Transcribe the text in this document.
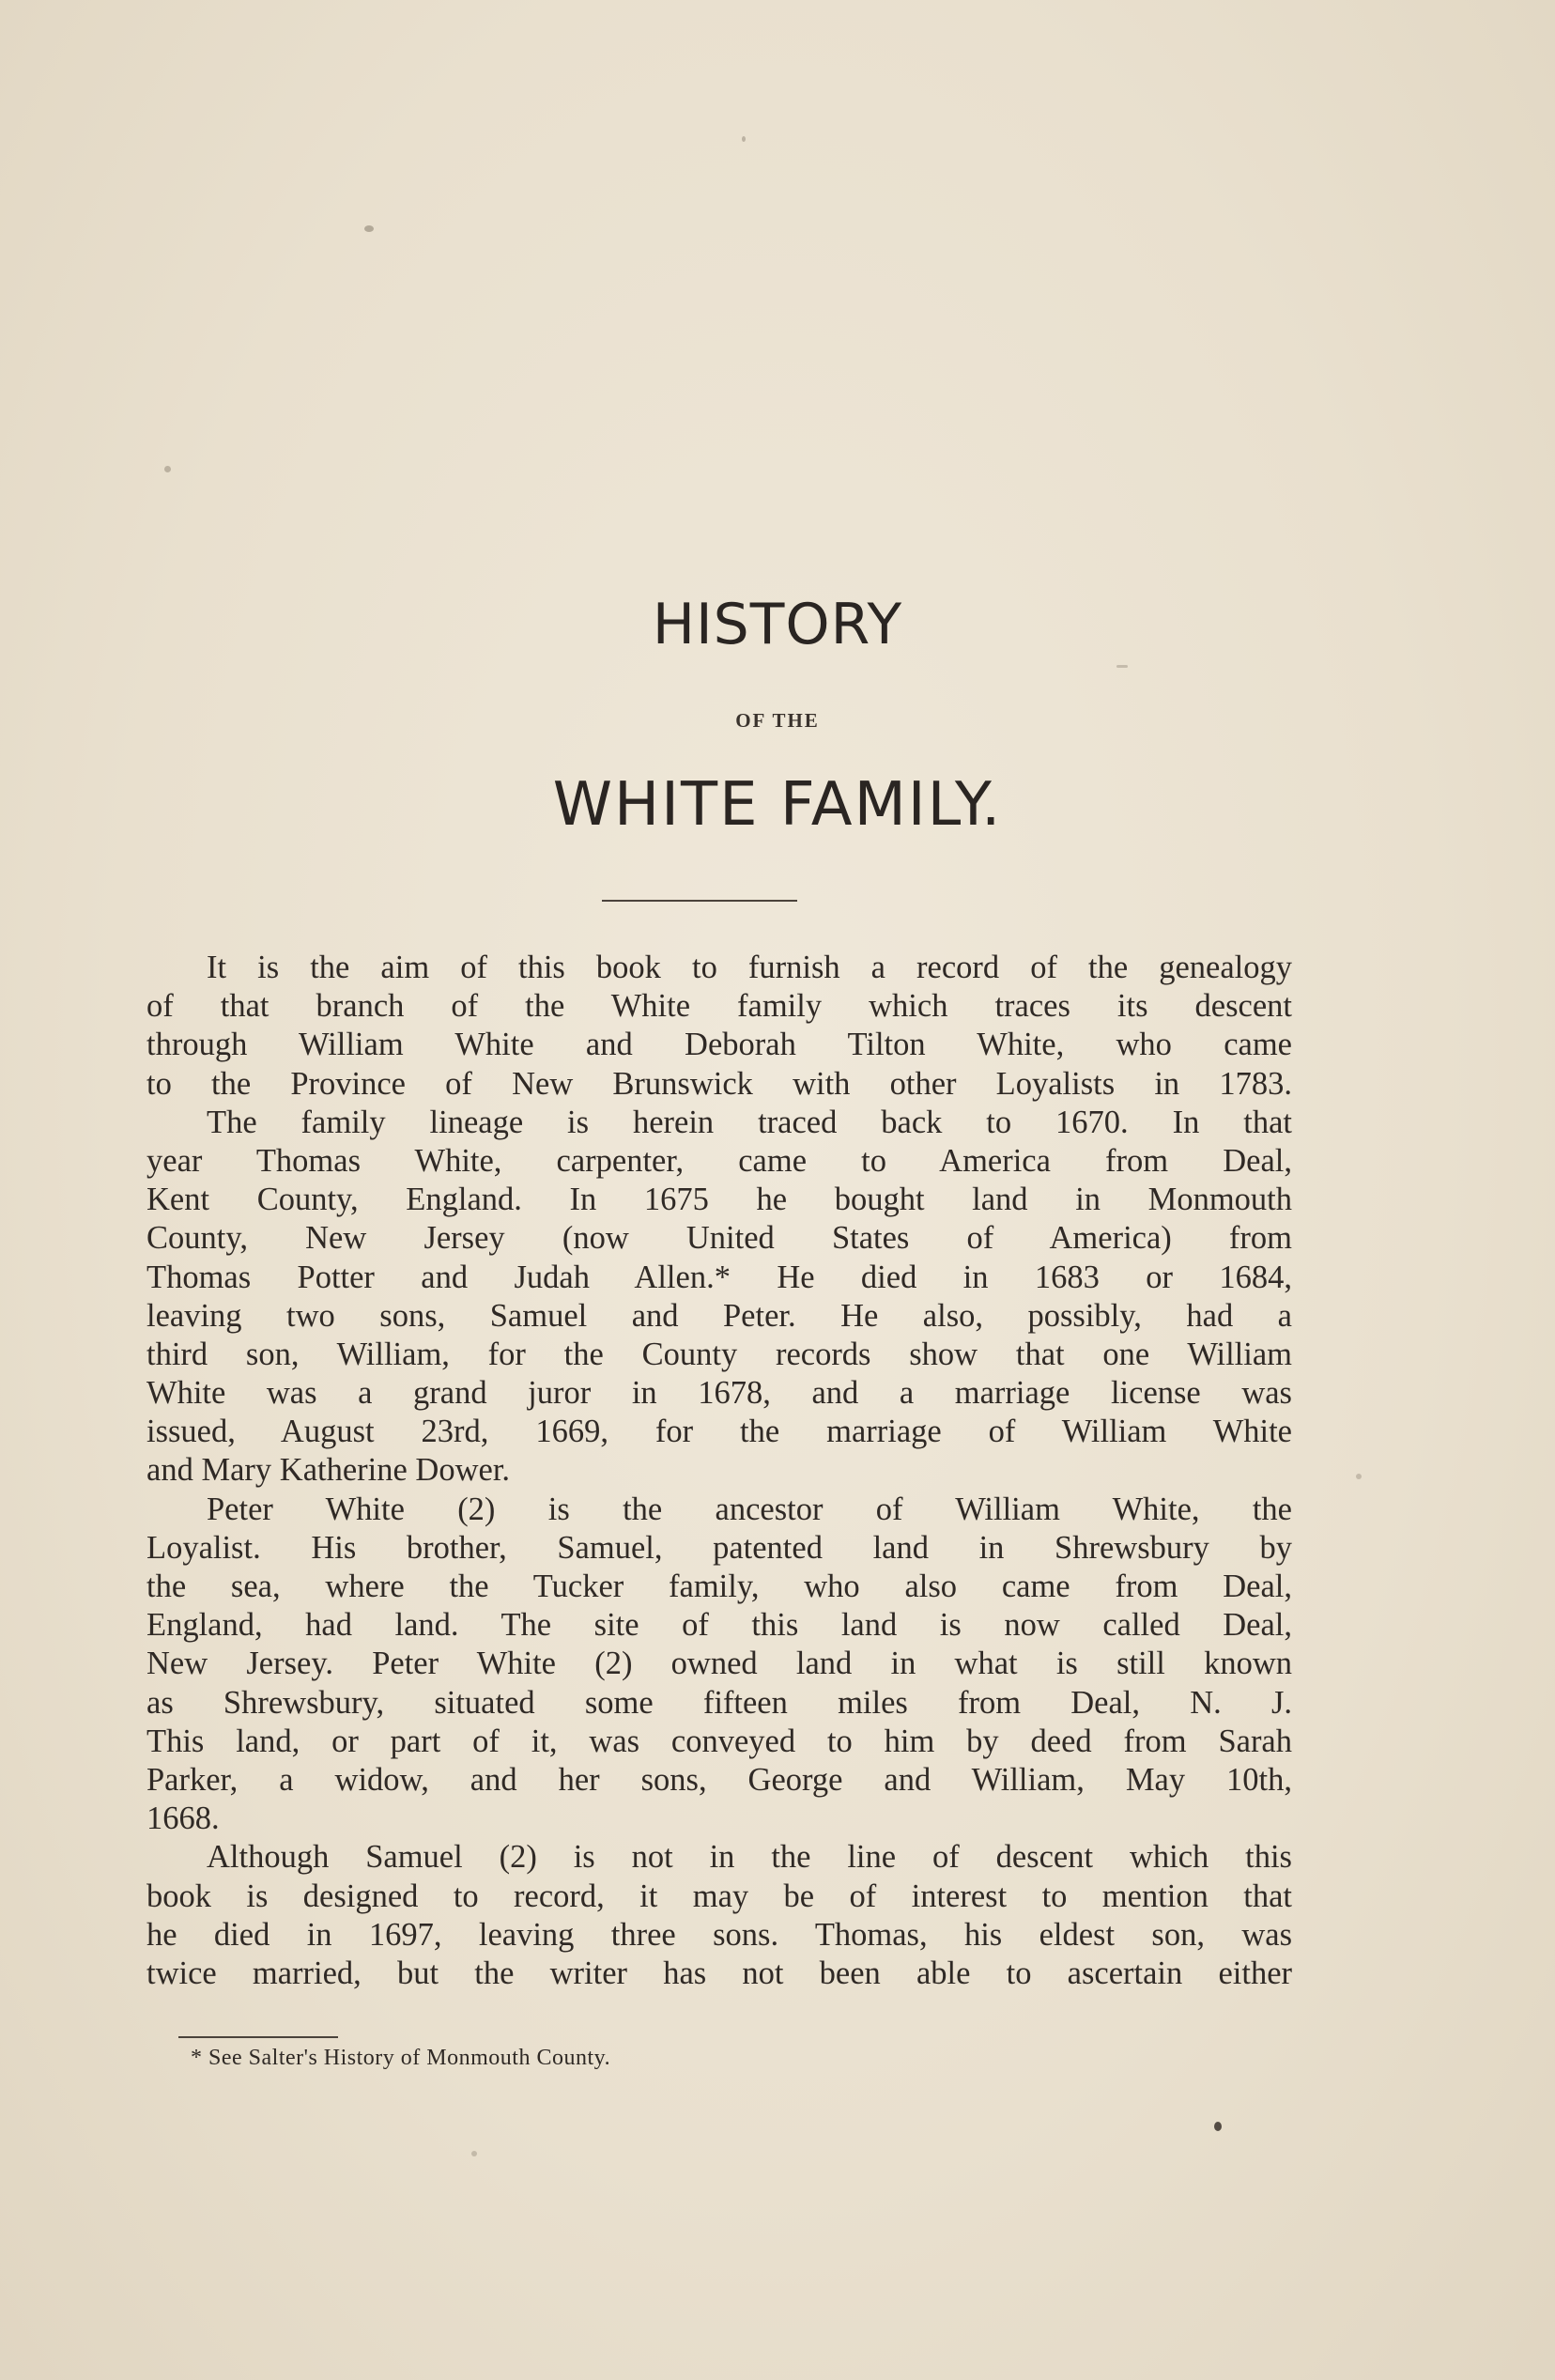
HISTORY
OF THE
WHITE FAMILY.
It is the aim of this book to furnish a record of the genealogy
of that branch of the White family which traces its descent
through William White and Deborah Tilton White, who came
to the Province of New Brunswick with other Loyalists in 1783.
The family lineage is herein traced back to 1670. In that
year Thomas White, carpenter, came to America from Deal,
Kent County, England. In 1675 he bought land in Monmouth
County, New Jersey (now United States of America) from
Thomas Potter and Judah Allen.* He died in 1683 or 1684,
leaving two sons, Samuel and Peter. He also, possibly, had a
third son, William, for the County records show that one William
White was a grand juror in 1678, and a marriage license was
issued, August 23rd, 1669, for the marriage of William White
and Mary Katherine Dower.
Peter White (2) is the ancestor of William White, the
Loyalist. His brother, Samuel, patented land in Shrewsbury by
the sea, where the Tucker family, who also came from Deal,
England, had land. The site of this land is now called Deal,
New Jersey. Peter White (2) owned land in what is still known
as Shrewsbury, situated some fifteen miles from Deal, N. J.
This land, or part of it, was conveyed to him by deed from Sarah
Parker, a widow, and her sons, George and William, May 10th,
1668.
Although Samuel (2) is not in the line of descent which this
book is designed to record, it may be of interest to mention that
he died in 1697, leaving three sons. Thomas, his eldest son, was
twice married, but the writer has not been able to ascertain either
* See Salter's History of Monmouth County.
